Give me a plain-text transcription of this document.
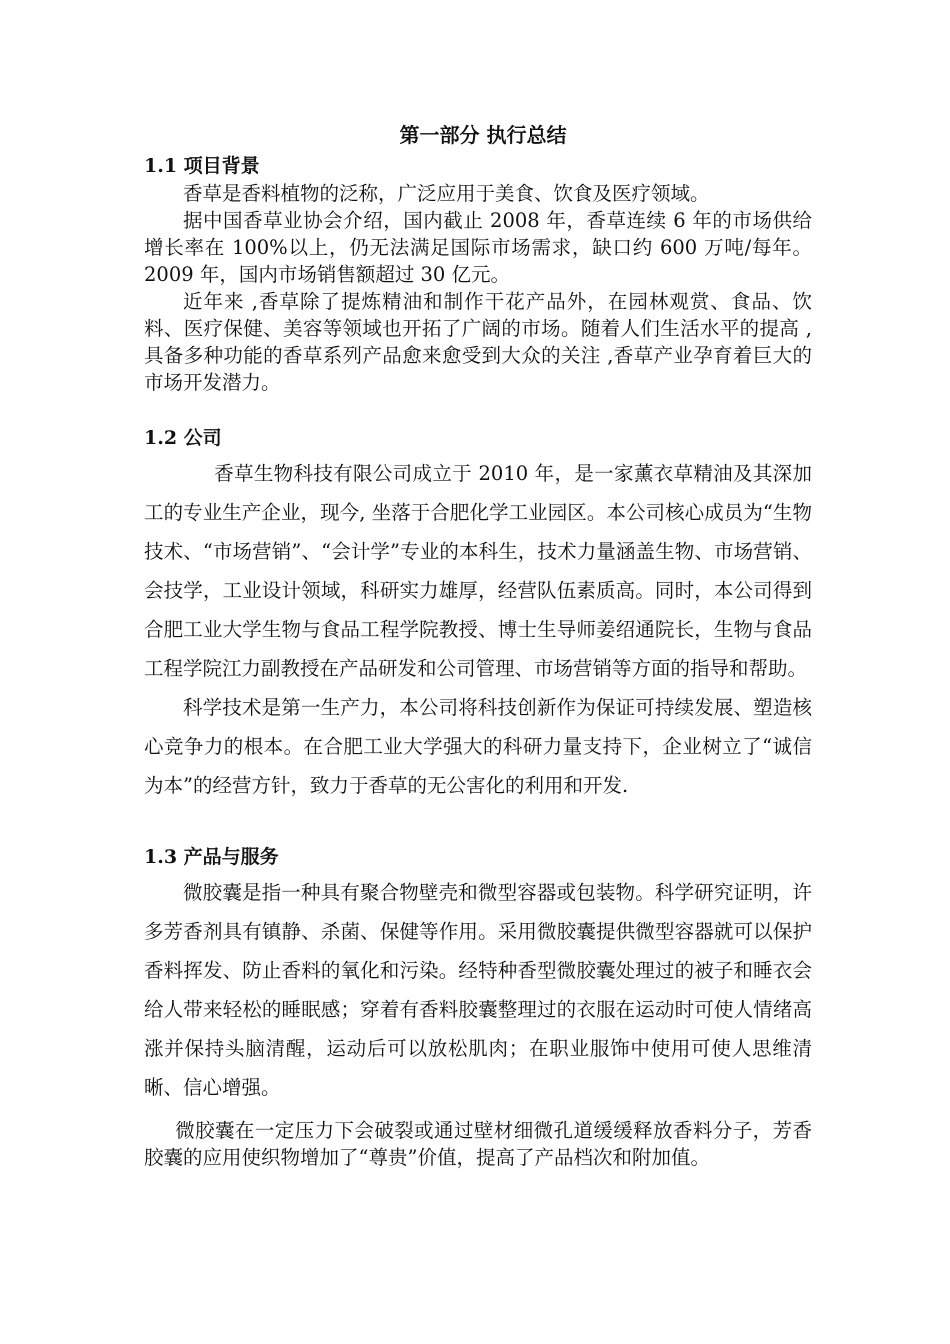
第一部分 执行总结
1.1 项目背景

香草是香料植物的泛称，广泛应用于美食、饮食及医疗领域。

据中国香草业协会介绍，国内截止 2008 年，香草连续 6 年的市场供给增长率在 100%以上，仍无法满足国际市场需求，缺口约 600 万吨/每年。2009 年，国内市场销售额超过 30 亿元。

近年来 ,香草除了提炼精油和制作干花产品外，在园林观赏、食品、饮料、医疗保健、美容等领域也开拓了广阔的市场。随着人们生活水平的提高 ,具备多种功能的香草系列产品愈来愈受到大众的关注 ,香草产业孕育着巨大的市场开发潜力。

1.2 公司

香草生物科技有限公司成立于 2010 年，是一家薰衣草精油及其深加工的专业生产企业，现今, 坐落于合肥化学工业园区。本公司核心成员为“生物技术、“市场营销”、“会计学”专业的本科生，技术力量涵盖生物、市场营销、会技学，工业设计领域，科研实力雄厚，经营队伍素质高。同时，本公司得到合肥工业大学生物与食品工程学院教授、博士生导师姜绍通院长，生物与食品工程学院江力副教授在产品研发和公司管理、市场营销等方面的指导和帮助。

科学技术是第一生产力，本公司将科技创新作为保证可持续发展、塑造核心竞争力的根本。在合肥工业大学强大的科研力量支持下，企业树立了“诚信为本”的经营方针，致力于香草的无公害化的利用和开发.

1.3 产品与服务

微胶囊是指一种具有聚合物壁壳和微型容器或包装物。科学研究证明，许多芳香剂具有镇静、杀菌、保健等作用。采用微胶囊提供微型容器就可以保护香料挥发、防止香料的氧化和污染。经特种香型微胶囊处理过的被子和睡衣会给人带来轻松的睡眠感；穿着有香料胶囊整理过的衣服在运动时可使人情绪高涨并保持头脑清醒，运动后可以放松肌肉；在职业服饰中使用可使人思维清晰、信心增强。

微胶囊在一定压力下会破裂或通过壁材细微孔道缓缓释放香料分子，芳香胶囊的应用使织物增加了“尊贵”价值，提高了产品档次和附加值。
